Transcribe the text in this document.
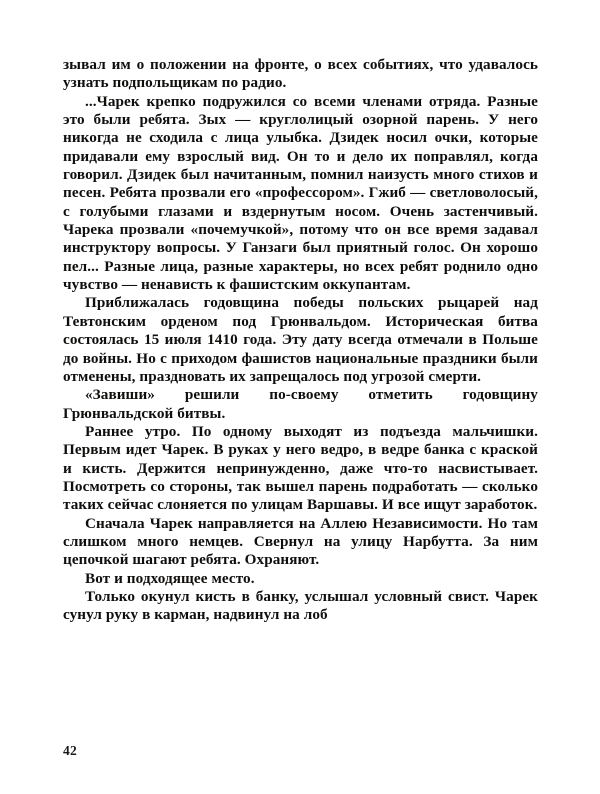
зывал им о положении на фронте, о всех событиях, что удавалось узнать подпольщикам по радио.

...Чарек крепко подружился со всеми членами отряда. Разные это были ребята. Зых — круглолицый озорной парень. У него никогда не сходила с лица улыбка. Дзидек носил очки, которые придавали ему взрослый вид. Он то и дело их поправлял, когда говорил. Дзидек был начитанным, помнил наизусть много стихов и песен. Ребята прозвали его «профессором». Гжиб — светловолосый, с голубыми глазами и вздернутым носом. Очень застенчивый. Чарека прозвали «почемучкой», потому что он все время задавал инструктору вопросы. У Ганзаги был приятный голос. Он хорошо пел... Разные лица, разные характеры, но всех ребят роднило одно чувство — ненависть к фашистским оккупантам.

Приближалась годовщина победы польских рыцарей над Тевтонским орденом под Грюнвальдом. Историческая битва состоялась 15 июля 1410 года. Эту дату всегда отмечали в Польше до войны. Но с приходом фашистов национальные праздники были отменены, праздновать их запрещалось под угрозой смерти.

«Завиши» решили по-своему отметить годовщину Грюнвальдской битвы.

Раннее утро. По одному выходят из подъезда мальчишки. Первым идет Чарек. В руках у него ведро, в ведре банка с краской и кисть. Держится непринужденно, даже что-то насвистывает. Посмотреть со стороны, так вышел парень подработать — сколько таких сейчас слоняется по улицам Варшавы. И все ищут заработок.

Сначала Чарек направляется на Аллею Независимости. Но там слишком много немцев. Свернул на улицу Нарбутта. За ним цепочкой шагают ребята. Охраняют.

Вот и подходящее место.

Только окунул кисть в банку, услышал условный свист. Чарек сунул руку в карман, надвинул на лоб

42
